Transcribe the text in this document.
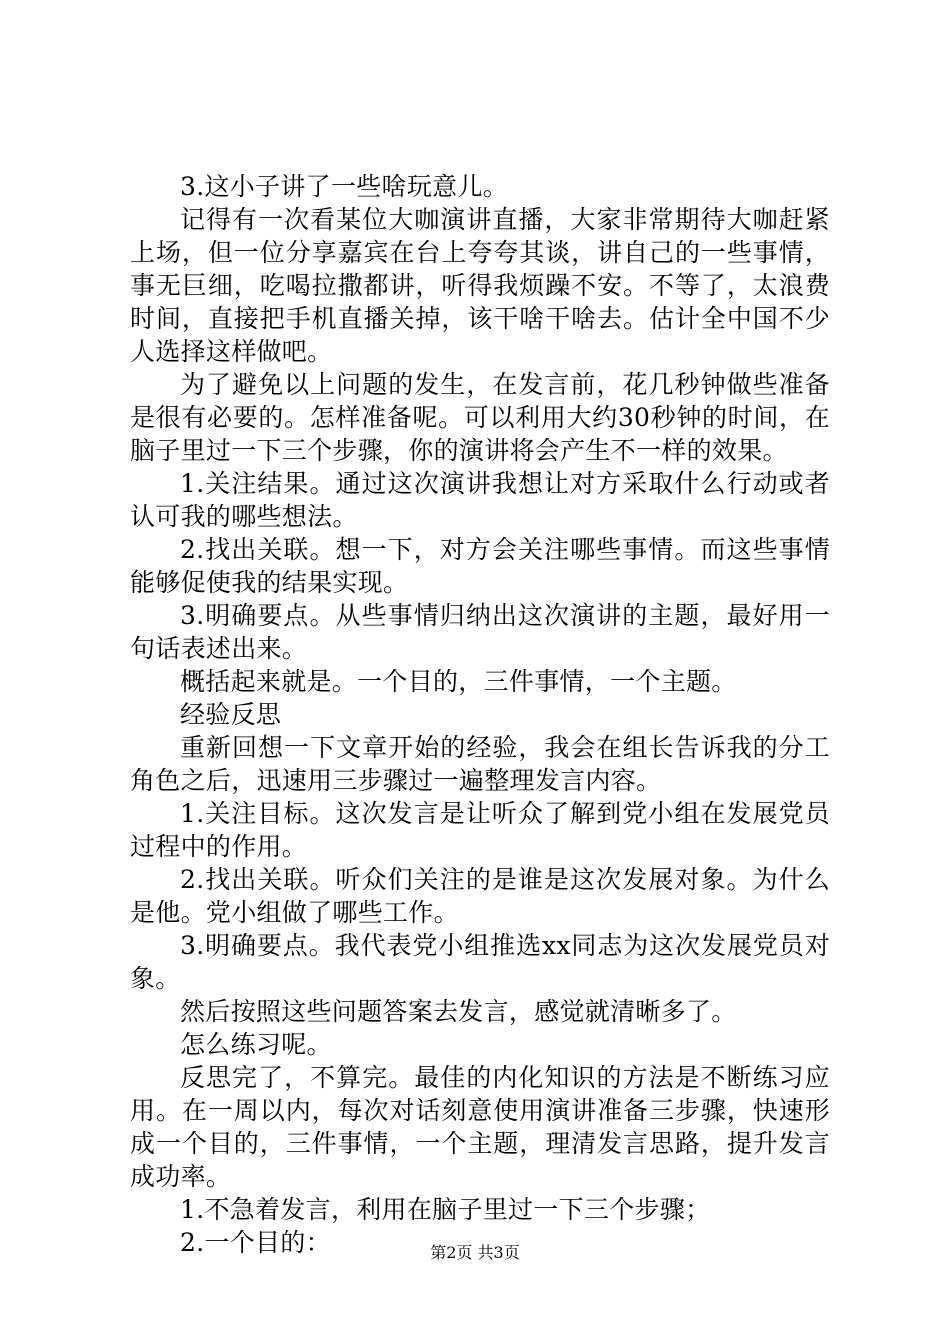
3.这小子讲了一些啥玩意儿。

记得有一次看某位大咖演讲直播，大家非常期待大咖赶紧上场，但一位分享嘉宾在台上夸夸其谈，讲自己的一些事情，事无巨细，吃喝拉撒都讲，听得我烦躁不安。不等了，太浪费时间，直接把手机直播关掉，该干啥干啥去。估计全中国不少人选择这样做吧。

为了避免以上问题的发生，在发言前，花几秒钟做些准备是很有必要的。怎样准备呢。可以利用大约30秒钟的时间，在脑子里过一下三个步骤，你的演讲将会产生不一样的效果。

1.关注结果。通过这次演讲我想让对方采取什么行动或者认可我的哪些想法。

2.找出关联。想一下，对方会关注哪些事情。而这些事情能够促使我的结果实现。

3.明确要点。从些事情归纳出这次演讲的主题，最好用一句话表述出来。

概括起来就是。一个目的，三件事情，一个主题。

经验反思

重新回想一下文章开始的经验，我会在组长告诉我的分工角色之后，迅速用三步骤过一遍整理发言内容。

1.关注目标。这次发言是让听众了解到党小组在发展党员过程中的作用。

2.找出关联。听众们关注的是谁是这次发展对象。为什么是他。党小组做了哪些工作。

3.明确要点。我代表党小组推选xx同志为这次发展党员对象。

然后按照这些问题答案去发言，感觉就清晰多了。

怎么练习呢。

反思完了，不算完。最佳的内化知识的方法是不断练习应用。在一周以内，每次对话刻意使用演讲准备三步骤，快速形成一个目的，三件事情，一个主题，理清发言思路，提升发言成功率。

1.不急着发言，利用在脑子里过一下三个步骤；

2.一个目的：	第2页 共3页
